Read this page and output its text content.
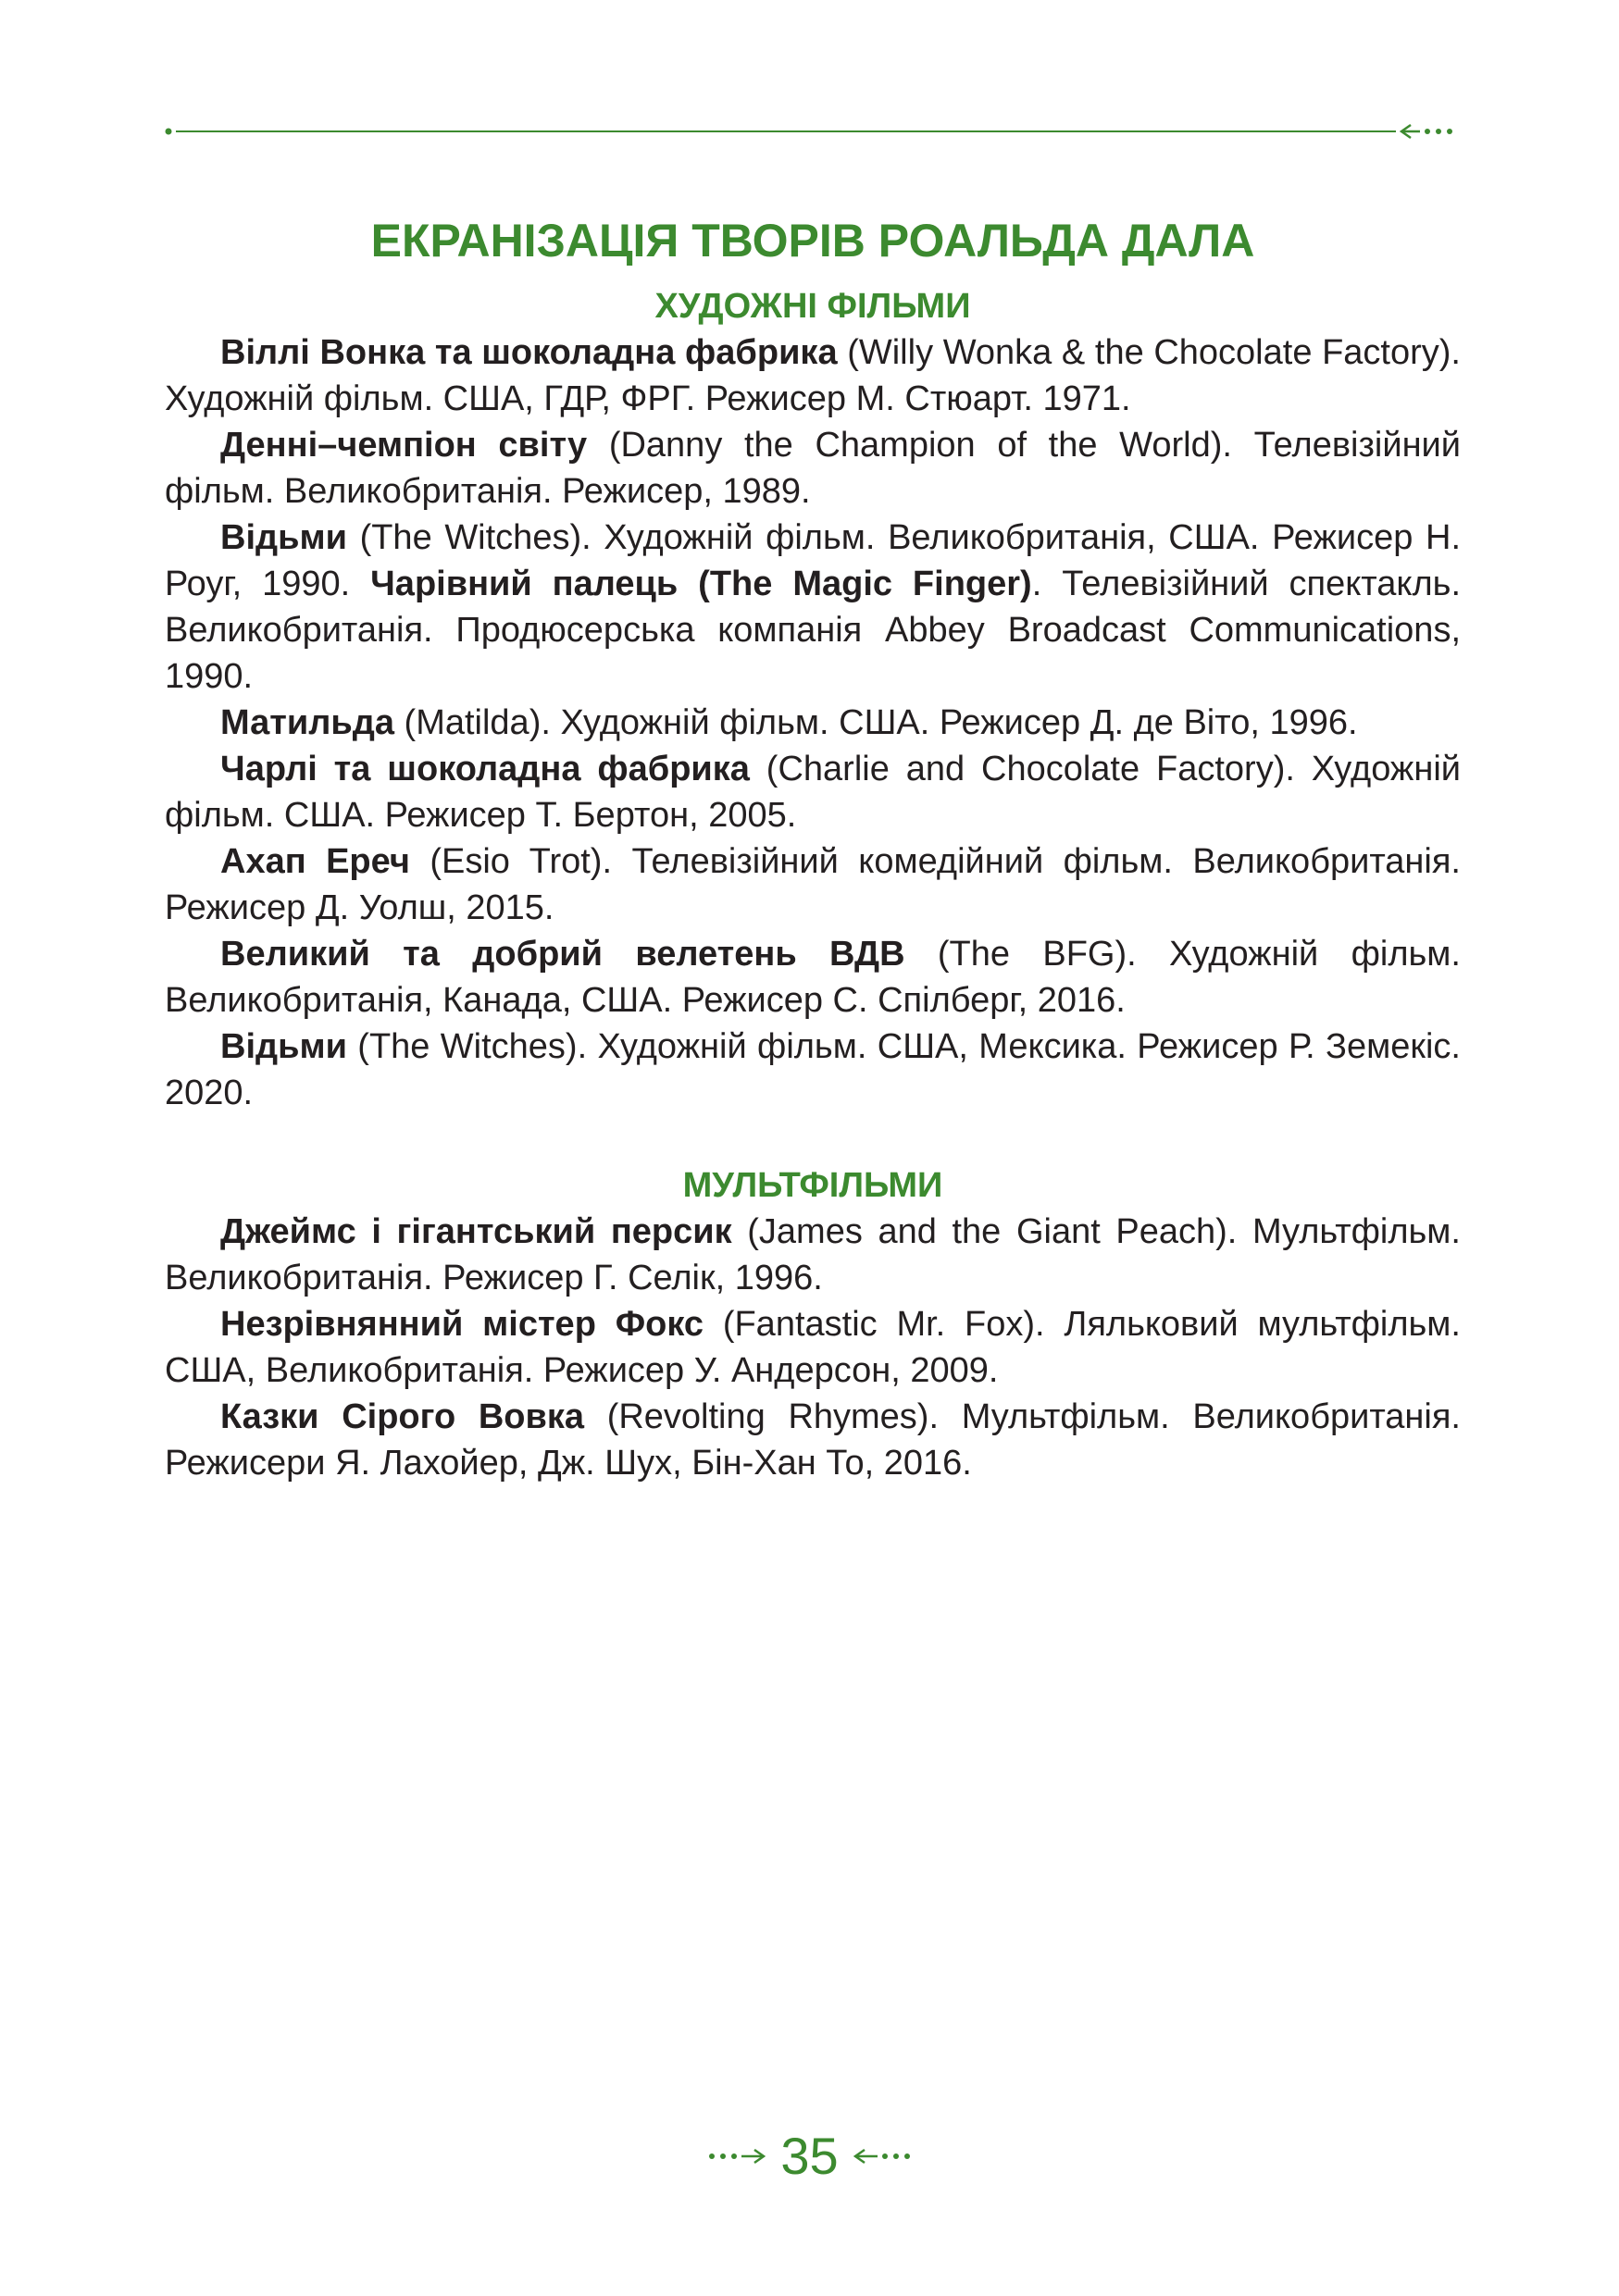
ЕКРАНІЗАЦІЯ ТВОРІВ РОАЛЬДА ДАЛА
ХУДОЖНІ ФІЛЬМИ

Віллі Вонка та шоколадна фабрика (Willy Wonka & the Chocolate Factory). Художній фільм. США, ГДР, ФРГ. Режисер М. Стюарт. 1971.

Денні–чемпіон світу (Danny the Champion of the World). Телевізійний фільм. Великобританія. Режисер, 1989.

Відьми (The Witches). Художній фільм. Великобританія, США. Режисер Н. Роуг, 1990. Чарівний палець (The Magic Finger). Телевізійний спектакль. Великобританія. Продюсерська компанія Abbey Broadcast Communications, 1990.

Матильда (Matilda). Художній фільм. США. Режисер Д. де Віто, 1996.

Чарлі та шоколадна фабрика (Charlie and Chocolate Factory). Художній фільм. США. Режисер Т. Бертон, 2005.

Ахап Ереч (Esio Trot). Телевізійний комедійний фільм. Великобританія. Режисер Д. Уолш, 2015.

Великий та добрий велетень ВДВ (The BFG). Художній фільм. Великобританія, Канада, США. Режисер С. Спілберг, 2016.

Відьми (The Witches). Художній фільм. США, Мексика. Режисер Р. Земекіс. 2020.

МУЛЬТФІЛЬМИ

Джеймс і гігантський персик (James and the Giant Peach). Мультфільм. Великобританія. Режисер Г. Селік, 1996.

Незрівнянний містер Фокс (Fantastic Mr. Fox). Ляльковий мультфільм. США, Великобританія. Режисер У. Андерсон, 2009.

Казки Сірого Вовка (Revolting Rhymes). Мультфільм. Великобританія. Режисери Я. Лахойер, Дж. Шух, Бін-Хан То, 2016.

35
